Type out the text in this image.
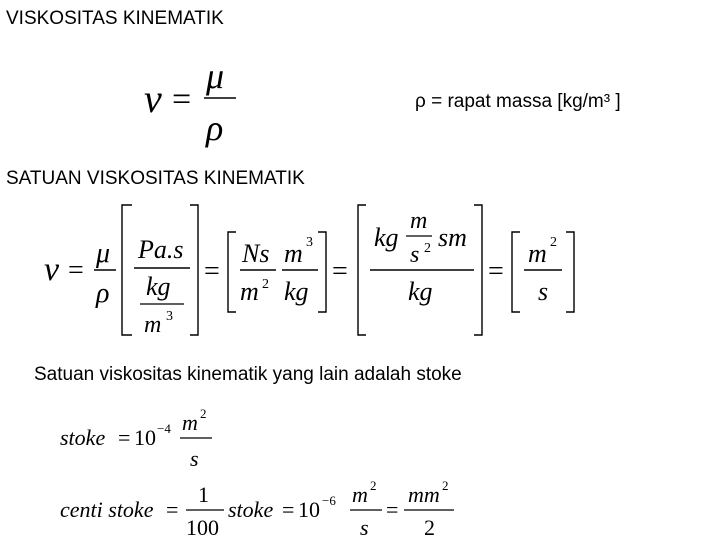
VISKOSITAS KINEMATIK
ρ = rapat massa [kg/m³ ]
SATUAN VISKOSITAS KINEMATIK
Satuan viskositas kinematik yang lain adalah stoke
ν =
μ
ρ
ν =
μ
ρ
Pa.s
kg
m 3
=
Ns
m 2
m 3
kg
=
kg
m
s 2 sm
kg
=
m 2
s
stoke = 10 −4 m 2
s
centi stoke =
1
100
stoke = 10 −6 m 2
s
=
mm 2
2
